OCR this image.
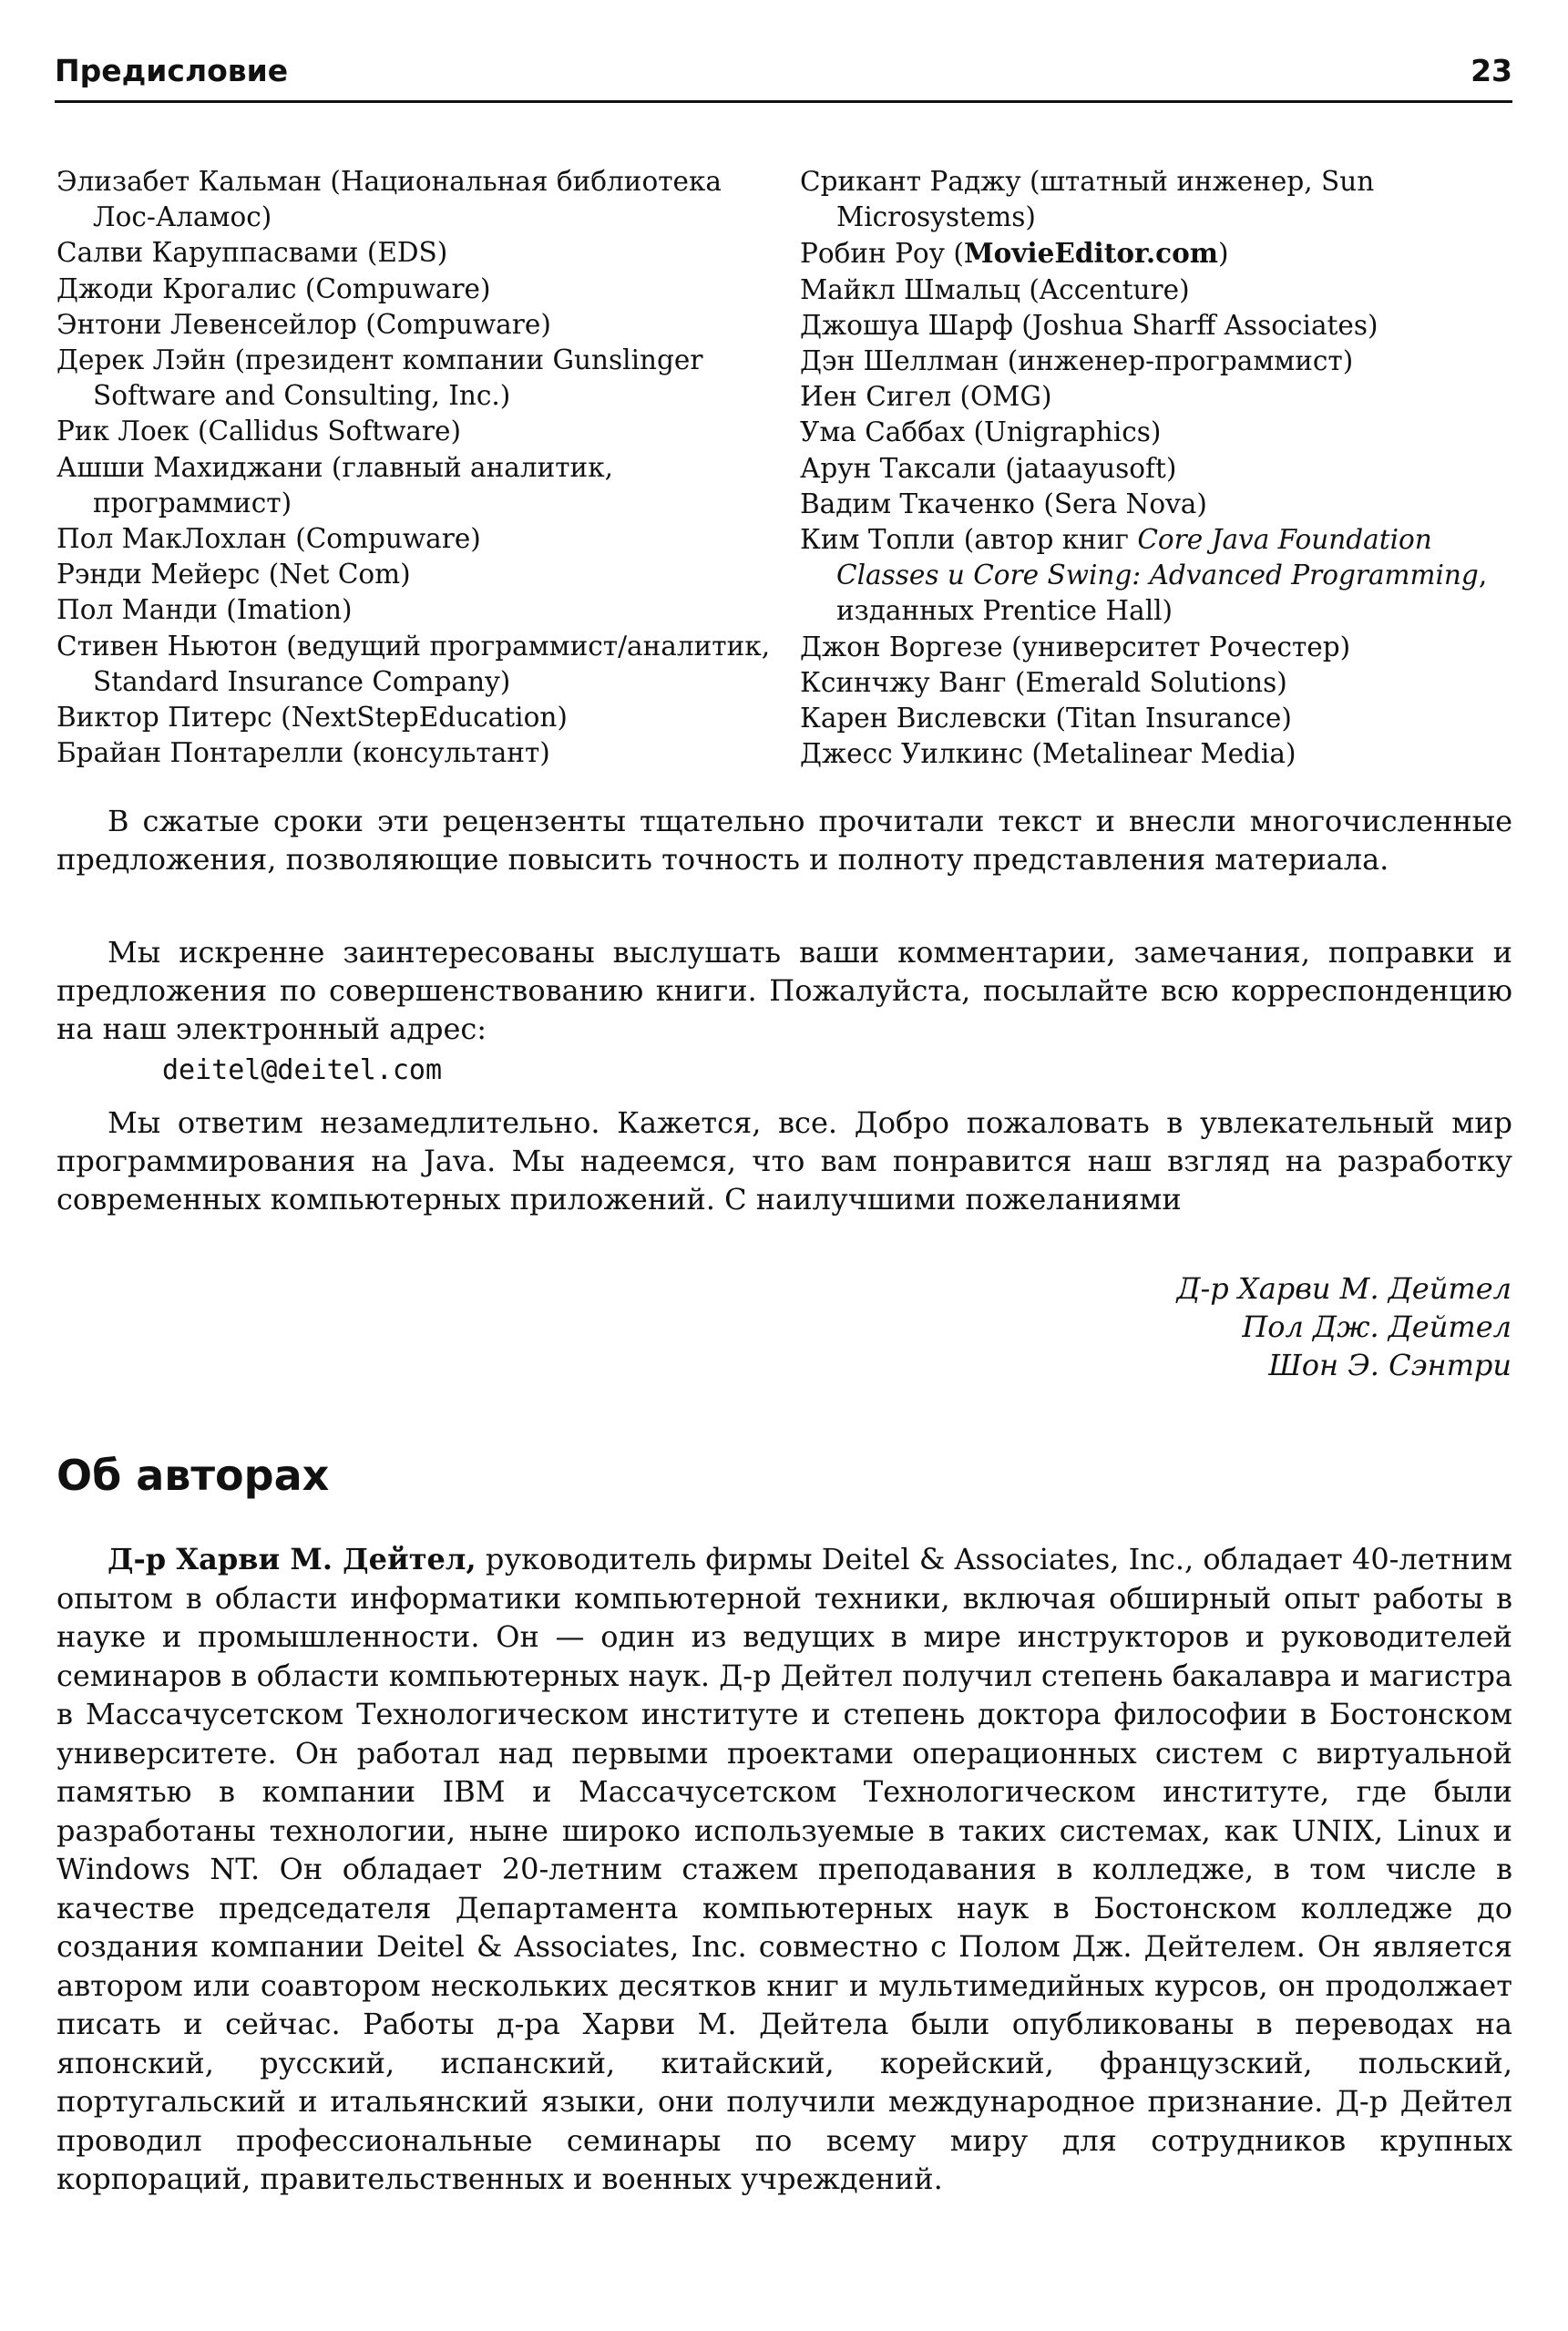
Предисловие	23
Элизабет Кальман (Национальная библиотека Лос-Аламос)
Салви Каруппасвами (EDS)
Джоди Крогалис (Compuware)
Энтони Левенсейлор (Compuware)
Дерек Лэйн (президент компании Gunslinger Software and Consulting, Inc.)
Рик Лоек (Callidus Software)
Ашши Махиджани (главный аналитик, программист)
Пол МакЛохлан (Compuware)
Рэнди Мейерс (Net Com)
Пол Манди (Imation)
Стивен Ньютон (ведущий программист/аналитик, Standard Insurance Company)
Виктор Питерс (NextStepEducation)
Брайан Понтарелли (консультант)
Срикант Раджу (штатный инженер, Sun Microsystems)
Робин Роу (MovieEditor.com)
Майкл Шмальц (Accenture)
Джошуа Шарф (Joshua Sharff Associates)
Дэн Шеллман (инженер-программист)
Иен Сигел (OMG)
Ума Саббах (Unigraphics)
Арун Таксали (jataayusoft)
Вадим Ткаченко (Sera Nova)
Ким Топли (автор книг Core Java Foundation Classes и Core Swing: Advanced Programming, изданных Prentice Hall)
Джон Воргезе (университет Рочестер)
Ксинчжу Ванг (Emerald Solutions)
Карен Вислевски (Titan Insurance)
Джесс Уилкинс (Metalinear Media)
В сжатые сроки эти рецензенты тщательно прочитали текст и внесли многочисленные предложения, позволяющие повысить точность и полноту представления материала.
Мы искренне заинтересованы выслушать ваши комментарии, замечания, поправки и предложения по совершенствованию книги. Пожалуйста, посылайте всю корреспонденцию на наш электронный адрес:
deitel@deitel.com
Мы ответим незамедлительно. Кажется, все. Добро пожаловать в увлекательный мир программирования на Java. Мы надеемся, что вам понравится наш взгляд на разработку современных компьютерных приложений. С наилучшими пожеланиями
Д-р Харви М. Дейтел
Пол Дж. Дейтел
Шон Э. Сэнтри
Об авторах
Д-р Харви М. Дейтел, руководитель фирмы Deitel & Associates, Inc., обладает 40-летним опытом в области информатики компьютерной техники, включая обширный опыт работы в науке и промышленности. Он — один из ведущих в мире инструкторов и руководителей семинаров в области компьютерных наук. Д-р Дейтел получил степень бакалавра и магистра в Массачусетском Технологическом институте и степень доктора философии в Бостонском университете. Он работал над первыми проектами операционных систем с виртуальной памятью в компании IBM и Массачусетском Технологическом институте, где были разработаны технологии, ныне широко используемые в таких системах, как UNIX, Linux и Windows NT. Он обладает 20-летним стажем преподавания в колледже, в том числе в качестве председателя Департамента компьютерных наук в Бостонском колледже до создания компании Deitel & Associates, Inc. совместно с Полом Дж. Дейтелем. Он является автором или соавтором нескольких десятков книг и мультимедийных курсов, он продолжает писать и сейчас. Работы д-ра Харви М. Дейтела были опубликованы в переводах на японский, русский, испанский, китайский, корейский, французский, польский, португальский и итальянский языки, они получили международное признание. Д-р Дейтел проводил профессиональные семинары по всему миру для сотрудников крупных корпораций, правительственных и военных учреждений.
